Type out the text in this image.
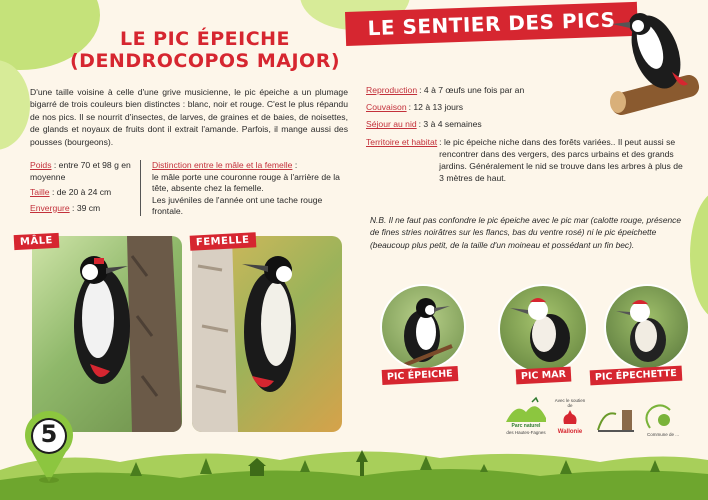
LE PIC ÉPEICHE
(DENDROCOPOS MAJOR)
D'une taille voisine à celle d'une grive musicienne, le pic épeiche a un plumage bigarré de trois couleurs bien distinctes : blanc, noir et rouge. C'est le plus répandu de nos pics. Il se nourrit d'insectes, de larves, de graines et de baies, de noisettes, de glands et noyaux de fruits dont il extrait l'amande. Parfois, il mange aussi des pousses (bourgeons).
Poids : entre 70 et 98 g en moyenne
Taille : de 20 à 24 cm
Envergure : 39 cm
Distinction entre le mâle et la femelle :
le mâle porte une couronne rouge à l'arrière de la tête, absente chez la femelle.
Les juvéniles de l'année ont une tache rouge frontale.
MÂLE	FEMELLE
LE SENTIER DES PICS
Reproduction : 4 à 7 œufs une fois par an
Couvaison : 12 à 13 jours
Séjour au nid : 3 à 4 semaines
Territoire et habitat : le pic épeiche niche dans des forêts variées.. Il peut aussi se rencontrer dans des vergers, des parcs urbains et des grands jardins. Généralement le nid se trouve dans les arbres à plus de 3 mètres de haut.
N.B. Il ne faut pas confondre le pic épeiche avec le pic mar (calotte rouge, présence de fines stries noirâtres sur les flancs, bas du ventre rosé) ni le pic épeichette (beaucoup plus petit, de la taille d'un moineau et possédant un fin bec).
PIC ÉPEICHE	PIC MAR	PIC ÉPECHETTE
Parc naturel
des Hautes-Fagnes
Avec le soutien de
Wallonie	Commune de ...
5
